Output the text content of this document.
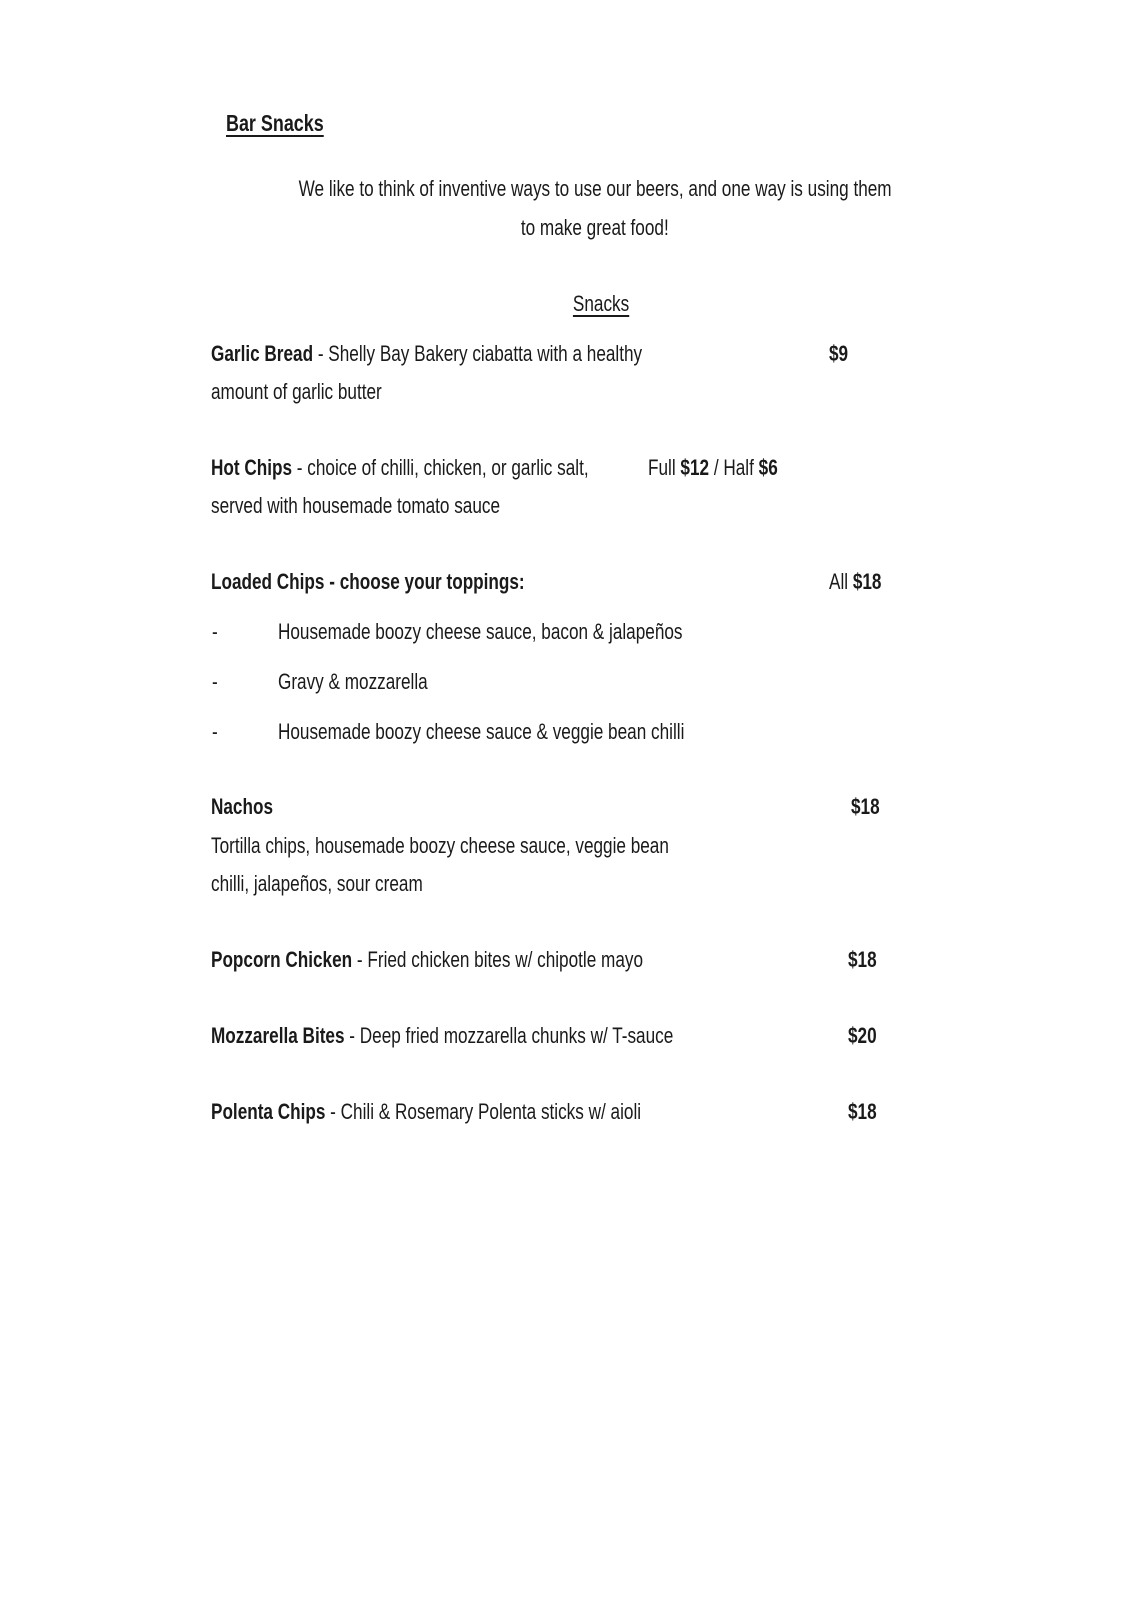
Bar Snacks
We like to think of inventive ways to use our beers, and one way is using them
to make great food!
Snacks
Garlic Bread - Shelly Bay Bakery ciabatta with a healthy
amount of garlic butter
$9
Hot Chips - choice of chilli, chicken, or garlic salt,
served with housemade tomato sauce
Full $12 / Half $6
Loaded Chips - choose your toppings:	All $18
-	Housemade boozy cheese sauce, bacon & jalapeños
-	Gravy & mozzarella
-	Housemade boozy cheese sauce & veggie bean chilli
Nachos	$18
Tortilla chips, housemade boozy cheese sauce, veggie bean
chilli, jalapeños, sour cream
Popcorn Chicken - Fried chicken bites w/ chipotle mayo	$18
Mozzarella Bites - Deep fried mozzarella chunks w/ T-sauce	$20
Polenta Chips - Chili & Rosemary Polenta sticks w/ aioli	$18
